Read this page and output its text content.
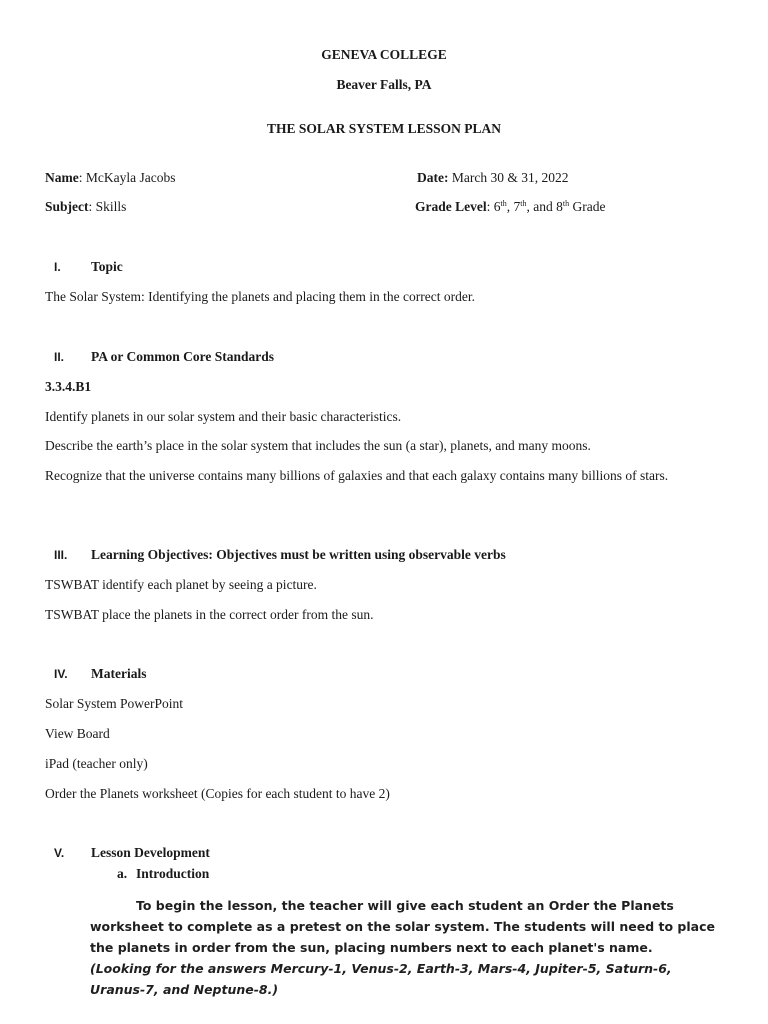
GENEVA COLLEGE
Beaver Falls, PA
THE SOLAR SYSTEM LESSON PLAN
Name: McKayla Jacobs	Date: March 30 & 31, 2022
Subject: Skills	Grade Level: 6th, 7th, and 8th Grade
I. Topic
The Solar System: Identifying the planets and placing them in the correct order.
II. PA or Common Core Standards
3.3.4.B1
Identify planets in our solar system and their basic characteristics.
Describe the earth’s place in the solar system that includes the sun (a star), planets, and many moons.
Recognize that the universe contains many billions of galaxies and that each galaxy contains many billions of stars.
III. Learning Objectives: Objectives must be written using observable verbs
TSWBAT identify each planet by seeing a picture.
TSWBAT place the planets in the correct order from the sun.
IV. Materials
Solar System PowerPoint
View Board
iPad (teacher only)
Order the Planets worksheet (Copies for each student to have 2)
V. Lesson Development
a. Introduction
To begin the lesson, the teacher will give each student an Order the Planets worksheet to complete as a pretest on the solar system. The students will need to place the planets in order from the sun, placing numbers next to each planet's name. (Looking for the answers Mercury-1, Venus-2, Earth-3, Mars-4, Jupiter-5, Saturn-6, Uranus-7, and Neptune-8.)
